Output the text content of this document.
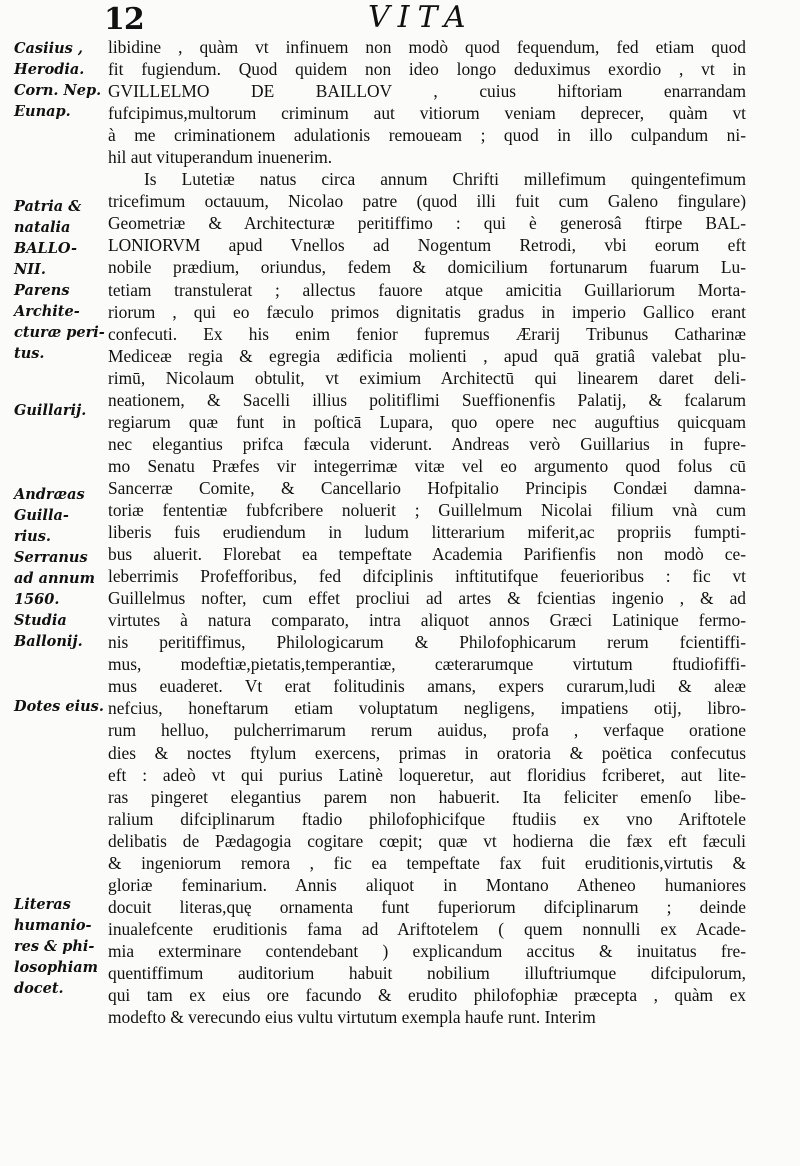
12	VITA
Casiius ,
Herodia.
Corn. Nep.
Eunap.
Patria &
natalia
BALLO-
NII.
Parens
Archite-
cturæ peri-
tus.
Guillarij.
Andræas
Guilla-
rius.
Serranus
ad annum
1560.
Studia
Ballonij.
Dotes eius.
Literas
humanio-
res & phi-
losophiam
docet.
libidine , quàm vt infinuem non modò quod fequendum, fed etiam quod
fit fugiendum. Quod quidem non ideo longo deduximus exordio , vt in
GVILLELMO DE BAILLOV , cuius hiftoriam enarrandam
fufcipimus,multorum criminum aut vitiorum veniam deprecer, quàm vt
à me criminationem adulationis remoueam ; quod in illo culpandum ni-
hil aut vituperandum inuenerim.
Is Lutetiæ natus circa annum Chrifti millefimum quingentefimum
tricefimum octauum, Nicolao patre (quod illi fuit cum Galeno fingulare)
Geometriæ & Architecturæ peritiffimo : qui è generosâ ftirpe BAL-
LONIORVM apud Vnellos ad Nogentum Retrodi, vbi eorum eft
nobile prædium, oriundus, fedem & domicilium fortunarum fuarum Lu-
tetiam transtulerat ; allectus fauore atque amicitia Guillariorum Morta-
riorum , qui eo fæculo primos dignitatis gradus in imperio Gallico erant
confecuti. Ex his enim fenior fupremus Ærarij Tribunus Catharinæ
Mediceæ regia & egregia ædificia molienti , apud quā gratiâ valebat plu-
rimū, Nicolaum obtulit, vt eximium Architectū qui linearem daret deli-
neationem, & Sacelli illius politiflimi Sueffionenfis Palatij, & fcalarum
regiarum quæ funt in poſticā Lupara, quo opere nec auguftius quicquam
nec elegantius prifca fæcula viderunt. Andreas verò Guillarius in fupre-
mo Senatu Præfes vir integerrimæ vitæ vel eo argumento quod folus cū
Sancerræ Comite, & Cancellario Hofpitalio Principis Condæi damna-
toriæ fententiæ fubfcribere noluerit ; Guillelmum Nicolai filium vnà cum
liberis fuis erudiendum in ludum litterarium miferit,ac propriis fumpti-
bus aluerit. Florebat ea tempeftate Academia Parifienfis non modò ce-
leberrimis Profefforibus, fed difciplinis inftitutifque feuerioribus : fic vt
Guillelmus nofter, cum effet procliui ad artes & fcientias ingenio , & ad
virtutes à natura comparato, intra aliquot annos Græci Latinique fermo-
nis peritiffimus, Philologicarum & Philofophicarum rerum fcientiffi-
mus, modeftiæ,pietatis,temperantiæ, cæterarumque virtutum ftudiofiffi-
mus euaderet. Vt erat folitudinis amans, expers curarum,ludi & aleæ
nefcius, honeftarum etiam voluptatum negligens, impatiens otij, libro-
rum helluo, pulcherrimarum rerum auidus, profa , verfaque oratione
dies & noctes ftylum exercens, primas in oratoria & poëtica confecutus
eft : adeò vt qui purius Latinè loqueretur, aut floridius fcriberet, aut lite-
ras pingeret elegantius parem non habuerit. Ita feliciter emenſo libe-
ralium difciplinarum ftadio philofophicifque ftudiis ex vno Ariftotele
delibatis de Pædagogia cogitare cœpit; quæ vt hodierna die fæx eft fæculi
& ingeniorum remora , fic ea tempeftate fax fuit eruditionis,virtutis &
gloriæ feminarium. Annis aliquot in Montano Atheneo humaniores
docuit literas,quę ornamenta funt fuperiorum difciplinarum ; deinde
inualefcente eruditionis fama ad Ariftotelem ( quem nonnulli ex Acade-
mia exterminare contendebant ) explicandum accitus & inuitatus fre-
quentiffimum auditorium habuit nobilium illuftriumque difcipulorum,
qui tam ex eius ore facundo & erudito philofophiæ præcepta , quàm ex
modefto & verecundo eius vultu virtutum exempla haufe runt. Interim
